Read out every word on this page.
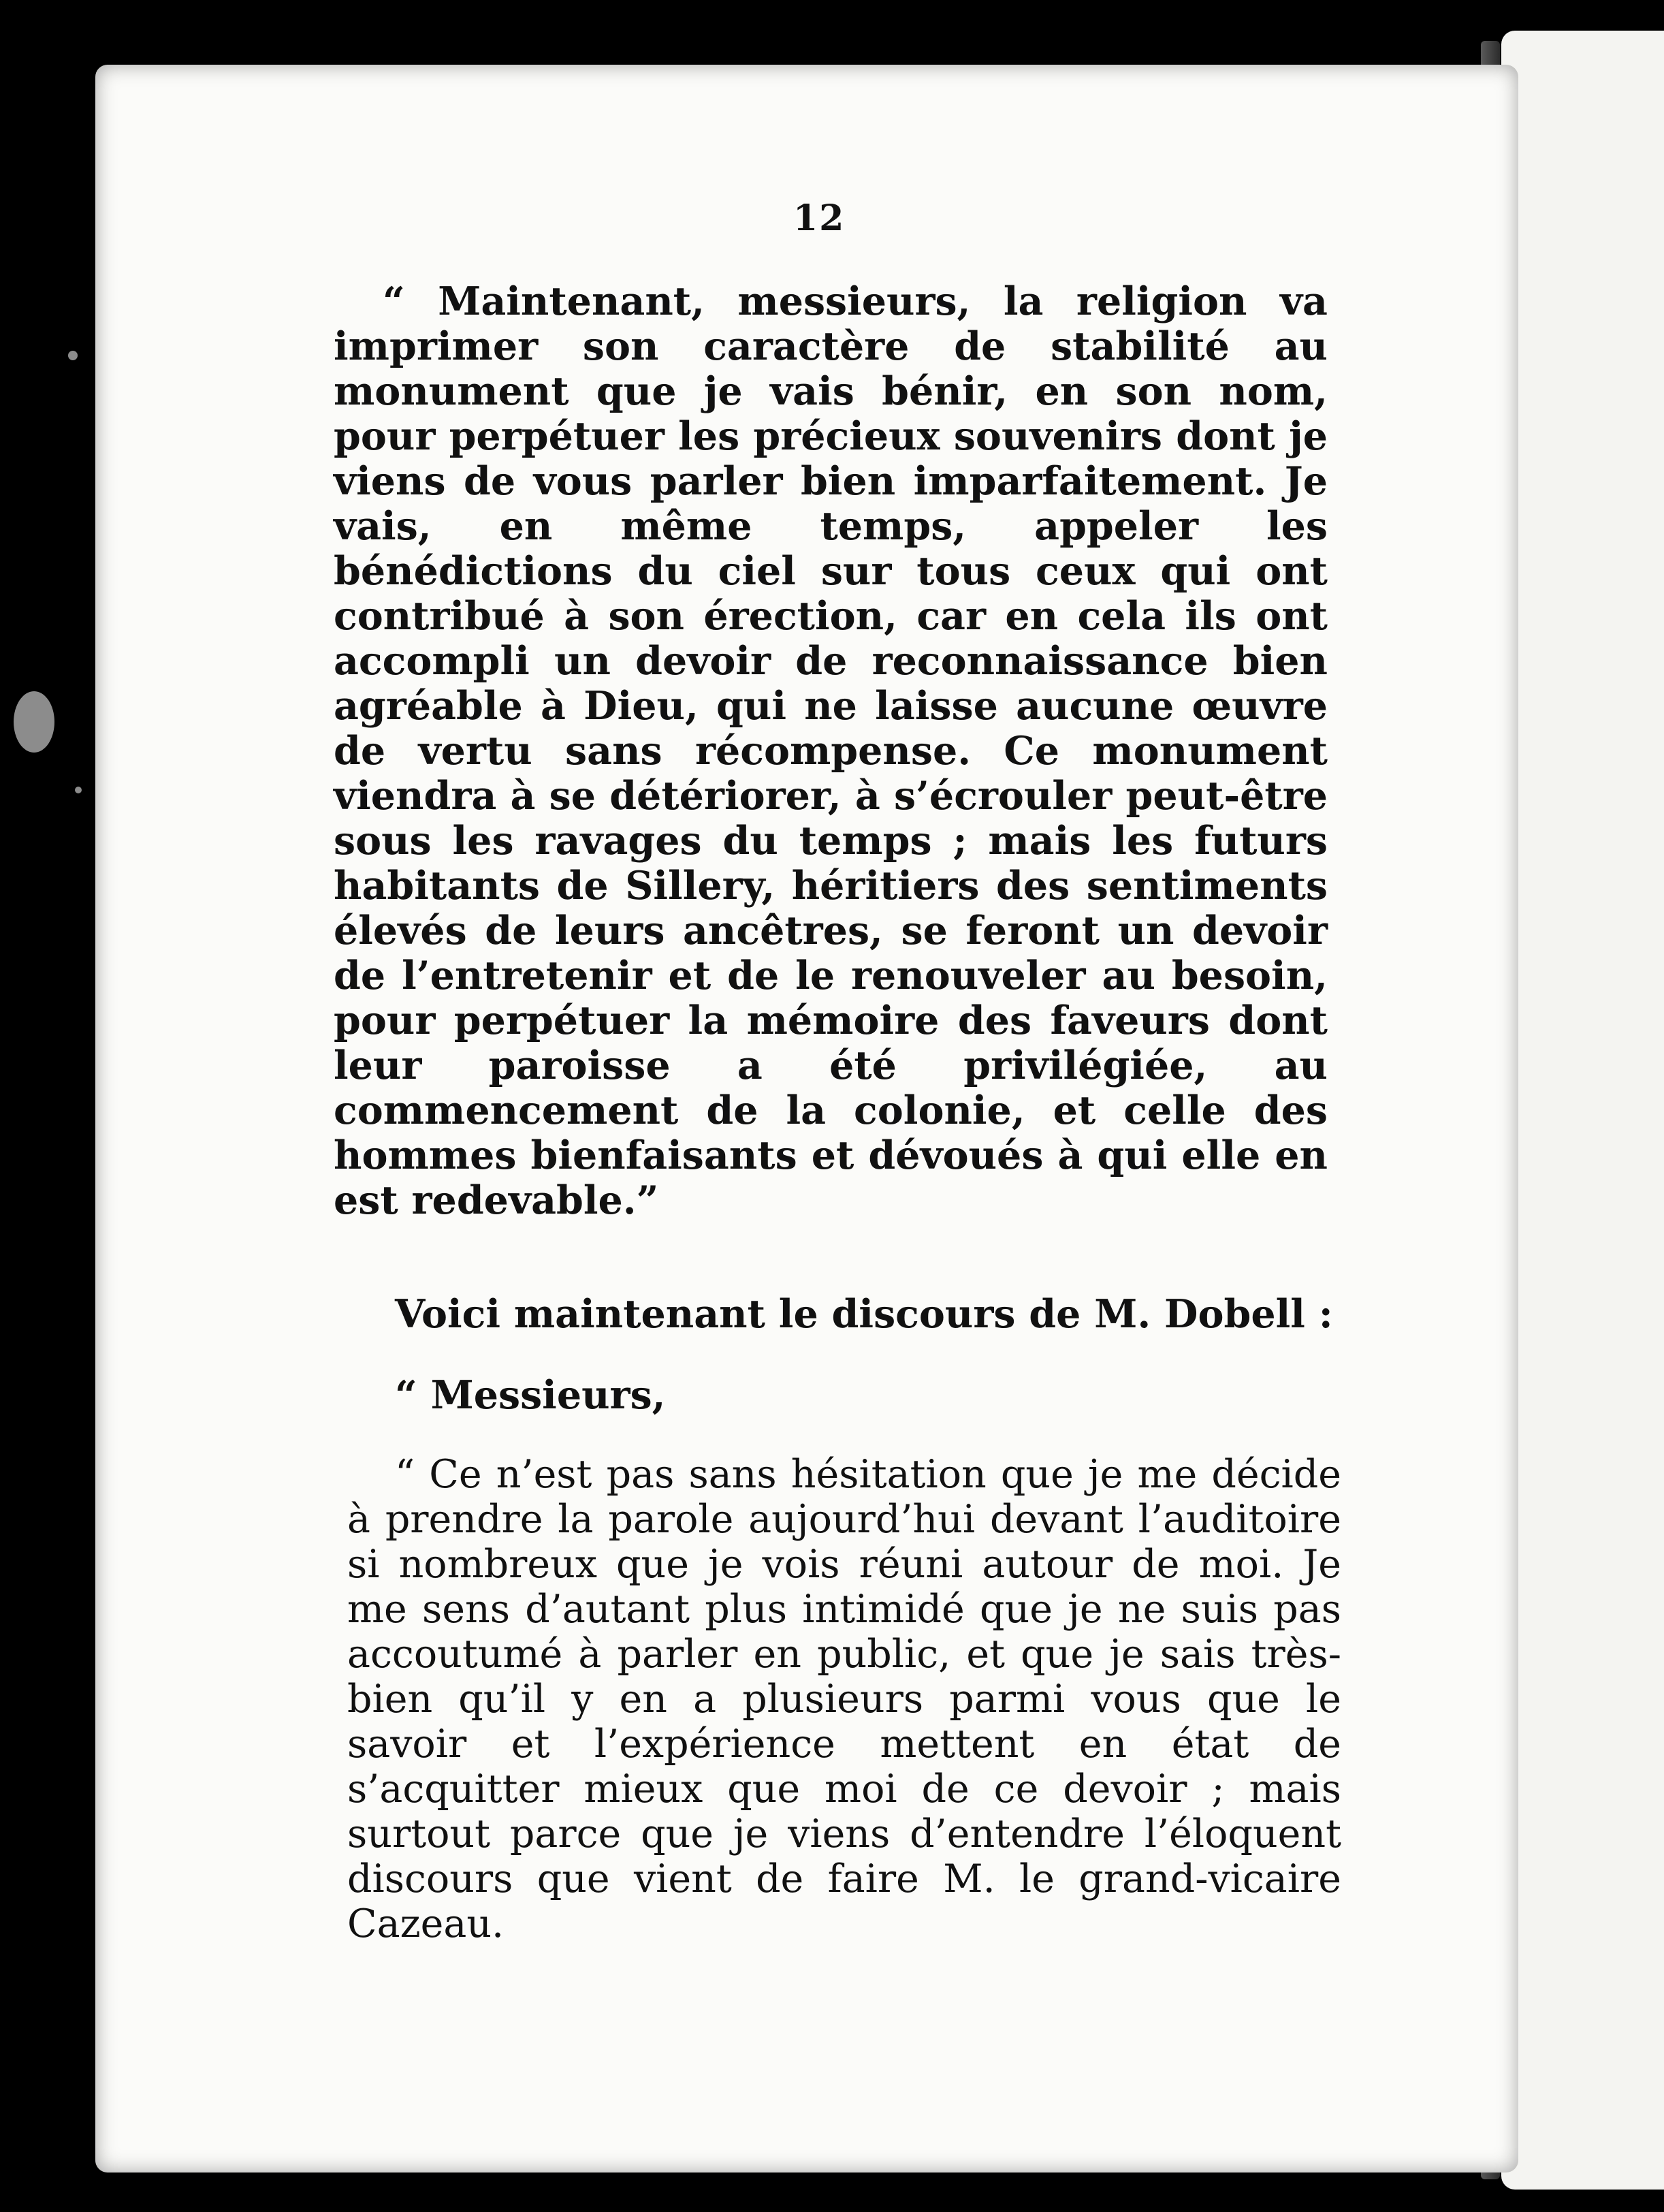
12

“ Maintenant, messieurs, la religion va imprimer son caractère de stabilité au monument que je vais bénir, en son nom, pour perpétuer les précieux souvenirs dont je viens de vous parler bien imparfaitement. Je vais, en même temps, appeler les bénédictions du ciel sur tous ceux qui ont contribué à son érection, car en cela ils ont accompli un devoir de reconnaissance bien agréable à Dieu, qui ne laisse aucune œuvre de vertu sans récompense. Ce monument viendra à se détériorer, à s’écrouler peut-être sous les ravages du temps ; mais les futurs habitants de Sillery, héritiers des sentiments élevés de leurs ancêtres, se feront un devoir de l’entretenir et de le renouveler au besoin, pour perpétuer la mémoire des faveurs dont leur paroisse a été privilégiée, au commencement de la colonie, et celle des hommes bienfaisants et dévoués à qui elle en est redevable.”

Voici maintenant le discours de M. Dobell :

“ Messieurs,

“ Ce n’est pas sans hésitation que je me décide à prendre la parole aujourd’hui devant l’auditoire si nombreux que je vois réuni autour de moi. Je me sens d’autant plus intimidé que je ne suis pas accoutumé à parler en public, et que je sais très-bien qu’il y en a plusieurs parmi vous que le savoir et l’expérience mettent en état de s’acquitter mieux que moi de ce devoir ; mais surtout parce que je viens d’entendre l’éloquent discours que vient de faire M. le grand-vicaire Cazeau.
